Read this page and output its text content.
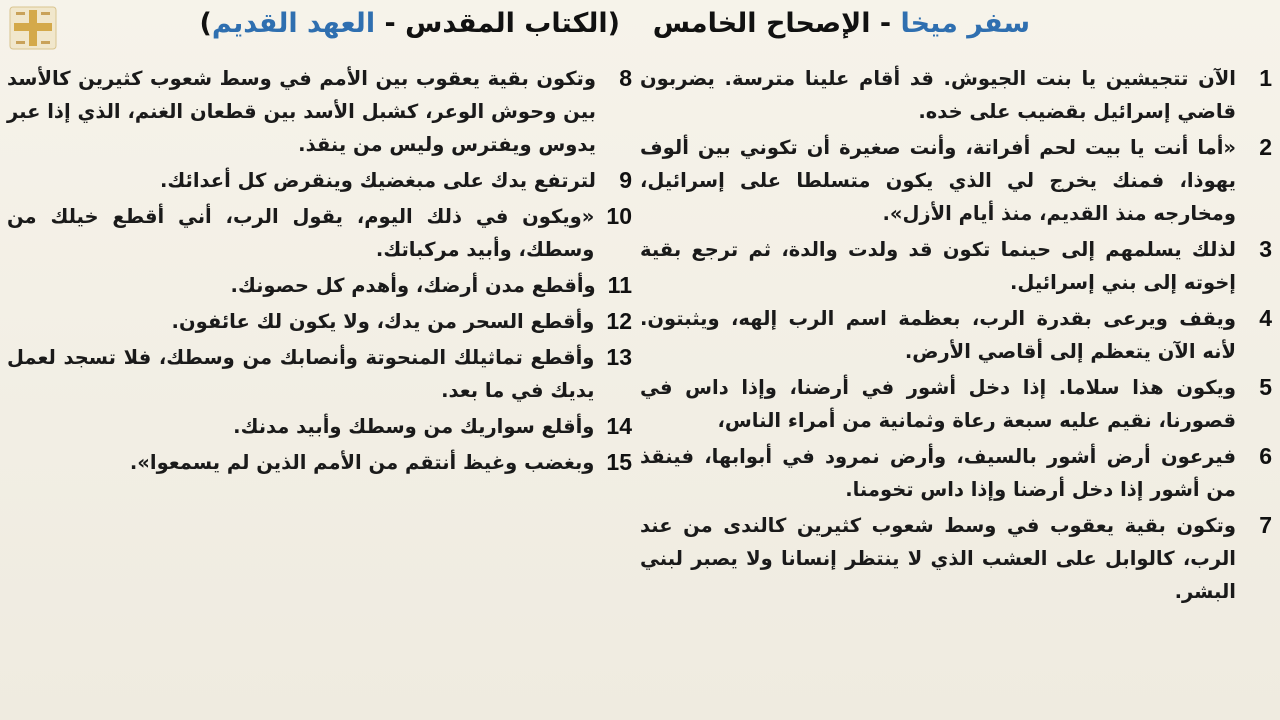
سفر ميخا - الإصحاح الخامس
(الكتاب المقدس - العهد القديم)
1
الآن تتجيشين يا بنت الجيوش. قد أقام علينا مترسة. يضربون قاضي إسرائيل بقضيب على خده.
2
«أما أنت يا بيت لحم أفراتة، وأنت صغيرة أن تكوني بين ألوف يهوذا، فمنك يخرج لي الذي يكون متسلطا على إسرائيل، ومخارجه منذ القديم، منذ أيام الأزل».
3
لذلك يسلمهم إلى حينما تكون قد ولدت والدة، ثم ترجع بقية إخوته إلى بني إسرائيل.
4
ويقف ويرعى بقدرة الرب، بعظمة اسم الرب إلهه، ويثبتون. لأنه الآن يتعظم إلى أقاصي الأرض.
5
ويكون هذا سلاما. إذا دخل أشور في أرضنا، وإذا داس في قصورنا، نقيم عليه سبعة رعاة وثمانية من أمراء الناس،
6
فيرعون أرض أشور بالسيف، وأرض نمرود في أبوابها، فينقذ من أشور إذا دخل أرضنا وإذا داس تخومنا.
7
وتكون بقية يعقوب في وسط شعوب كثيرين كالندى من عند الرب، كالوابل على العشب الذي لا ينتظر إنسانا ولا يصبر لبني البشر.
8
وتكون بقية يعقوب بين الأمم في وسط شعوب كثيرين كالأسد بين وحوش الوعر، كشبل الأسد بين قطعان الغنم، الذي إذا عبر يدوس ويفترس وليس من ينقذ.
9
لترتفع يدك على مبغضيك وينقرض كل أعدائك.
10
«ويكون في ذلك اليوم، يقول الرب، أني أقطع خيلك من وسطك، وأبيد مركباتك.
11
وأقطع مدن أرضك، وأهدم كل حصونك.
12
وأقطع السحر من يدك، ولا يكون لك عائفون.
13
وأقطع تماثيلك المنحوتة وأنصابك من وسطك، فلا تسجد لعمل يديك في ما بعد.
14
وأقلع سواريك من وسطك وأبيد مدنك.
15
وبغضب وغيظ أنتقم من الأمم الذين لم يسمعوا».
